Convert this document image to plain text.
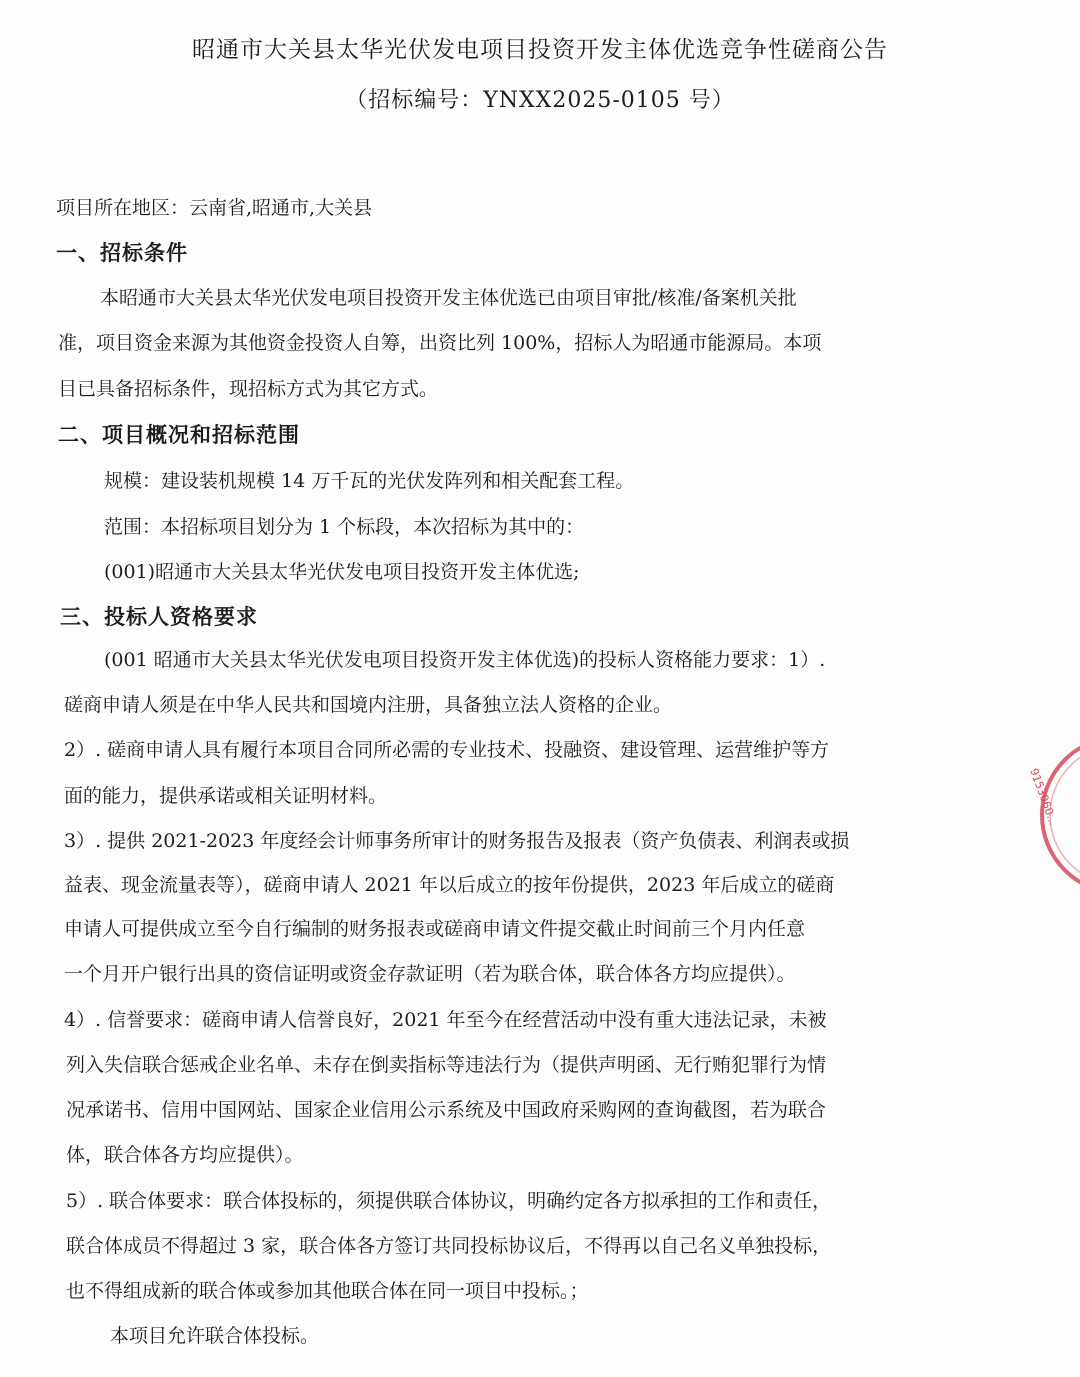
昭通市大关县太华光伏发电项目投资开发主体优选竞争性磋商公告
（招标编号：YNXX2025-0105 号）
项目所在地区：云南省,昭通市,大关县
一、招标条件
本昭通市大关县太华光伏发电项目投资开发主体优选已由项目审批/核准/备案机关批
准，项目资金来源为其他资金投资人自筹，出资比列 100%，招标人为昭通市能源局。本项
目已具备招标条件，现招标方式为其它方式。
二、项目概况和招标范围
规模：建设装机规模 14 万千瓦的光伏发阵列和相关配套工程。
范围：本招标项目划分为 1 个标段，本次招标为其中的：
(001)昭通市大关县太华光伏发电项目投资开发主体优选;
三、投标人资格要求
(001 昭通市大关县太华光伏发电项目投资开发主体优选)的投标人资格能力要求：1）.
磋商申请人须是在中华人民共和国境内注册，具备独立法人资格的企业。
2）. 磋商申请人具有履行本项目合同所必需的专业技术、投融资、建设管理、运营维护等方
面的能力，提供承诺或相关证明材料。
3）. 提供 2021-2023 年度经会计师事务所审计的财务报告及报表（资产负债表、利润表或损
益表、现金流量表等），磋商申请人 2021 年以后成立的按年份提供，2023 年后成立的磋商
申请人可提供成立至今自行编制的财务报表或磋商申请文件提交截止时间前三个月内任意
一个月开户银行出具的资信证明或资金存款证明（若为联合体，联合体各方均应提供）。
4）. 信誉要求：磋商申请人信誉良好，2021 年至今在经营活动中没有重大违法记录，未被
列入失信联合惩戒企业名单、未存在倒卖指标等违法行为（提供声明函、无行贿犯罪行为情
况承诺书、信用中国网站、国家企业信用公示系统及中国政府采购网的查询截图，若为联合
体，联合体各方均应提供）。
5）. 联合体要求：联合体投标的，须提供联合体协议，明确约定各方拟承担的工作和责任，
联合体成员不得超过 3 家，联合体各方签订共同投标协议后，不得再以自己名义单独投标，
也不得组成新的联合体或参加其他联合体在同一项目中投标。；
本项目允许联合体投标。
9153060...
